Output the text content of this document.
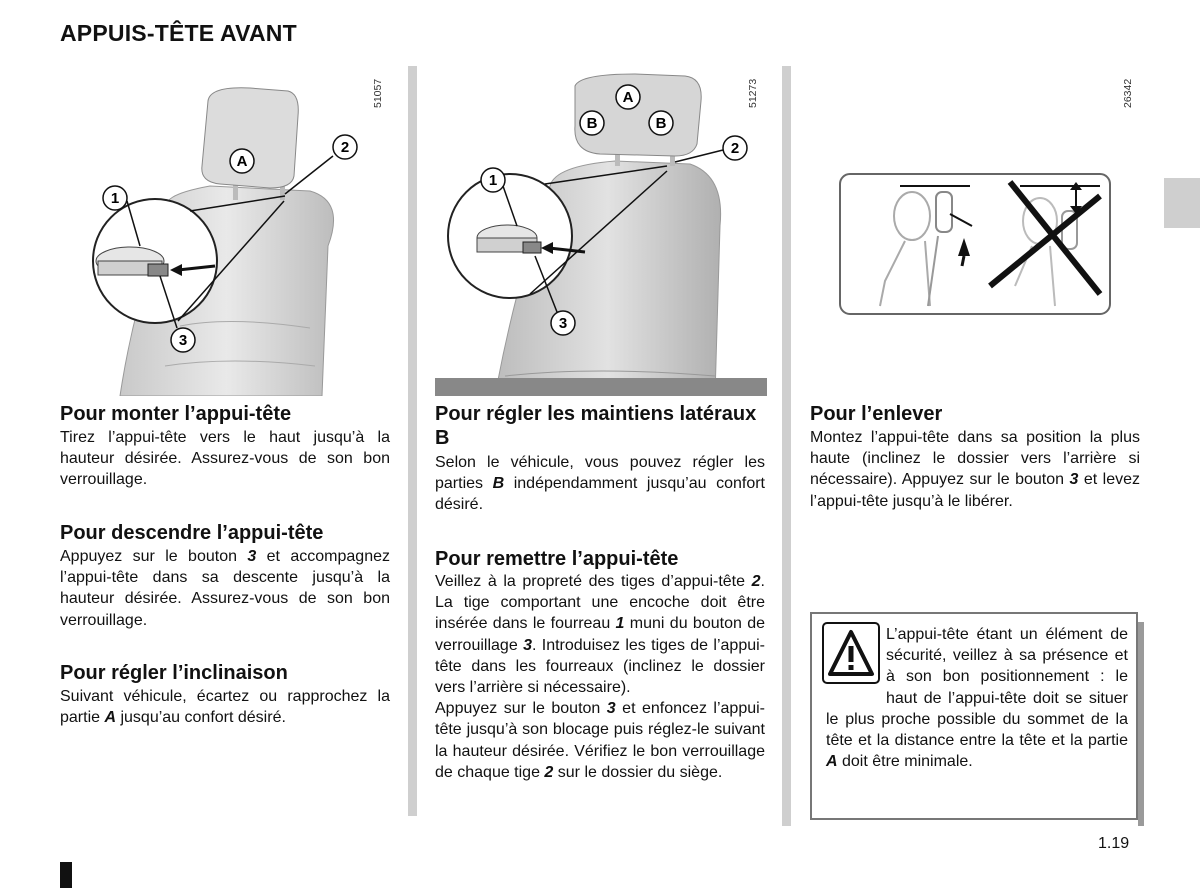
APPUIS-TÊTE AVANT
1
2
3
A
51057
1
2
3
A
B	B
51273	26342
Pour monter l’appui-tête

Tirez l’appui-tête vers le haut jusqu’à la hauteur désirée. Assurez-vous de son bon verrouillage.

Pour descendre l’appui-tête

Appuyez sur le bouton 3 et accompagnez l’appui-tête dans sa descente jusqu’à la hauteur désirée. Assurez-vous de son bon verrouillage.

Pour régler l’inclinaison

Suivant véhicule, écartez ou rapprochez la partie A jusqu’au confort désiré.

Pour régler les maintiens latéraux B

Selon le véhicule, vous pouvez régler les parties B indépendamment jusqu’au confort désiré.

Pour remettre l’appui-tête

Veillez à la propreté des tiges d’appui-tête 2. La tige comportant une encoche doit être insérée dans le fourreau 1 muni du bouton de verrouillage 3. Introduisez les tiges de l’appui-tête dans les fourreaux (inclinez le dossier vers l’arrière si nécessaire).
Appuyez sur le bouton 3 et enfoncez l’appui-tête jusqu’à son blocage puis réglez-le suivant la hauteur désirée. Vérifiez le bon verrouillage de chaque tige 2 sur le dossier du siège.

Pour l’enlever

Montez l’appui-tête dans sa position la plus haute (inclinez le dossier vers l’arrière si nécessaire). Appuyez sur le bouton 3 et levez l’appui-tête jusqu’à le libérer.

L’appui-tête étant un élément de sécurité, veillez à sa présence et à son bon positionnement : le haut de l’appui-tête doit se situer le plus proche possible du sommet de la tête et la distance entre la tête et la partie A doit être minimale.
1.19
